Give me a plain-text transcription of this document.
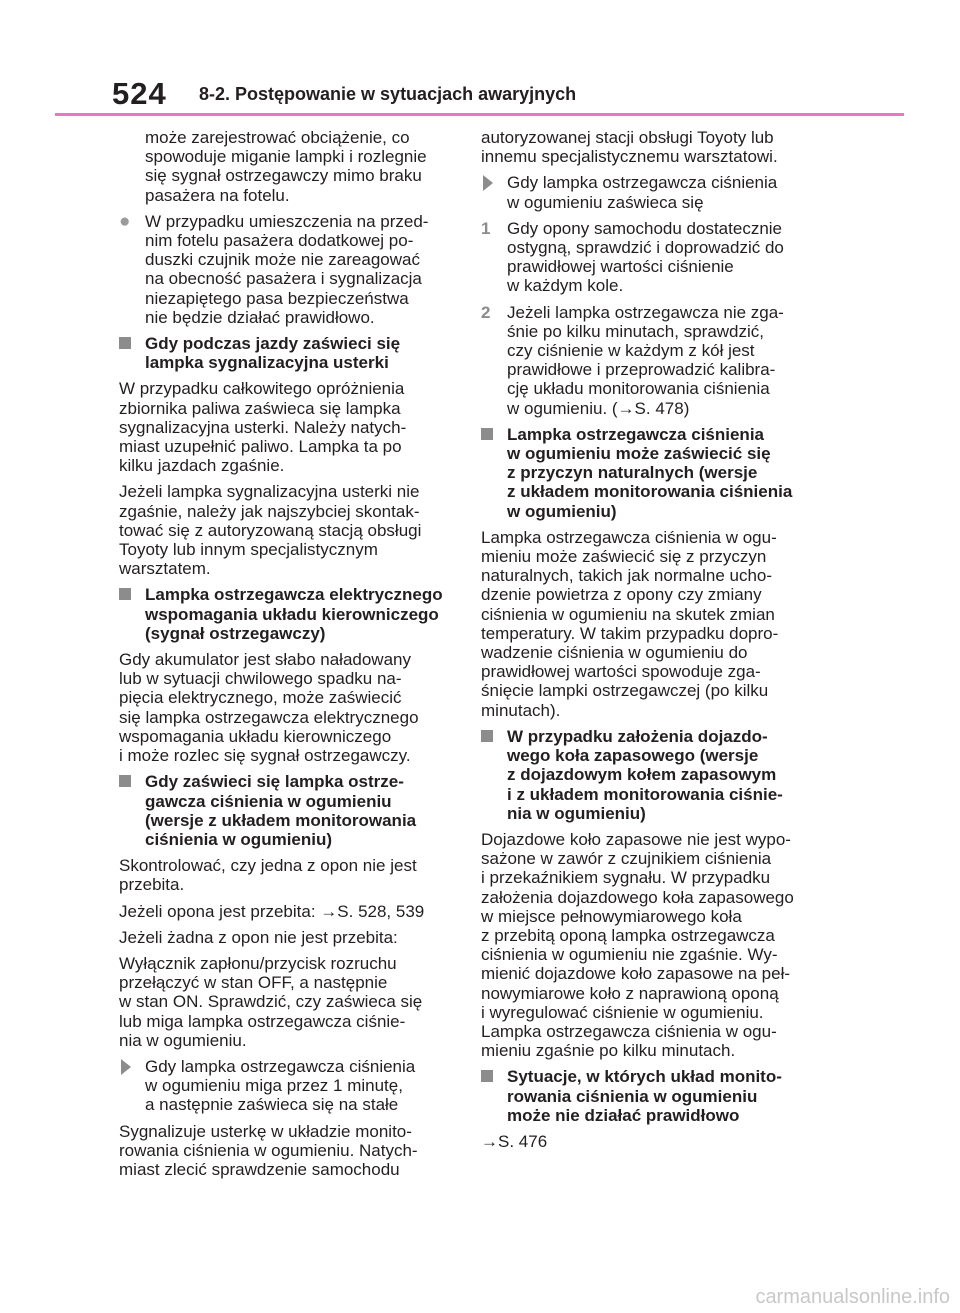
524 8-2. Postępowanie w sytuacjach awaryjnych
może zarejestrować obciążenie, co
spowoduje miganie lampki i rozlegnie
się sygnał ostrzegawczy mimo braku
pasażera na fotelu.
● W przypadku umieszczenia na przed-
nim fotelu pasażera dodatkowej po-
duszki czujnik może nie zareagować
na obecność pasażera i sygnalizacja
niezapiętego pasa bezpieczeństwa
nie będzie działać prawidłowo.
Gdy podczas jazdy zaświeci się
lampka sygnalizacyjna usterki
W przypadku całkowitego opróżnienia
zbiornika paliwa zaświeca się lampka
sygnalizacyjna usterki. Należy natych-
miast uzupełnić paliwo. Lampka ta po
kilku jazdach zgaśnie.
Jeżeli lampka sygnalizacyjna usterki nie
zgaśnie, należy jak najszybciej skontak-
tować się z autoryzowaną stacją obsługi
Toyoty lub innym specjalistycznym
warsztatem.
Lampka ostrzegawcza elektrycznego
wspomagania układu kierowniczego
(sygnał ostrzegawczy)
Gdy akumulator jest słabo naładowany
lub w sytuacji chwilowego spadku na-
pięcia elektrycznego, może zaświecić
się lampka ostrzegawcza elektrycznego
wspomagania układu kierowniczego
i może rozlec się sygnał ostrzegawczy.
Gdy zaświeci się lampka ostrze-
gawcza ciśnienia w ogumieniu
(wersje z układem monitorowania
ciśnienia w ogumieniu)
Skontrolować, czy jedna z opon nie jest
przebita.
Jeżeli opona jest przebita: →S. 528, 539
Jeżeli żadna z opon nie jest przebita:
Wyłącznik zapłonu/przycisk rozruchu
przełączyć w stan OFF, a następnie
w stan ON. Sprawdzić, czy zaświeca się
lub miga lampka ostrzegawcza ciśnie-
nia w ogumieniu.
Gdy lampka ostrzegawcza ciśnienia
w ogumieniu miga przez 1 minutę,
a następnie zaświeca się na stałe
Sygnalizuje usterkę w układzie monito-
rowania ciśnienia w ogumieniu. Natych-
miast zlecić sprawdzenie samochodu
autoryzowanej stacji obsługi Toyoty lub
innemu specjalistycznemu warsztatowi.
Gdy lampka ostrzegawcza ciśnienia
w ogumieniu zaświeca się
1 Gdy opony samochodu dostatecznie
ostygną, sprawdzić i doprowadzić do
prawidłowej wartości ciśnienie
w każdym kole.
2 Jeżeli lampka ostrzegawcza nie zga-
śnie po kilku minutach, sprawdzić,
czy ciśnienie w każdym z kół jest
prawidłowe i przeprowadzić kalibra-
cję układu monitorowania ciśnienia
w ogumieniu. (→S. 478)
Lampka ostrzegawcza ciśnienia
w ogumieniu może zaświecić się
z przyczyn naturalnych (wersje
z układem monitorowania ciśnienia
w ogumieniu)
Lampka ostrzegawcza ciśnienia w ogu-
mieniu może zaświecić się z przyczyn
naturalnych, takich jak normalne ucho-
dzenie powietrza z opony czy zmiany
ciśnienia w ogumieniu na skutek zmian
temperatury. W takim przypadku dopro-
wadzenie ciśnienia w ogumieniu do
prawidłowej wartości spowoduje zga-
śnięcie lampki ostrzegawczej (po kilku
minutach).
W przypadku założenia dojazdo-
wego koła zapasowego (wersje
z dojazdowym kołem zapasowym
i z układem monitorowania ciśnie-
nia w ogumieniu)
Dojazdowe koło zapasowe nie jest wypo-
sażone w zawór z czujnikiem ciśnienia
i przekaźnikiem sygnału. W przypadku
założenia dojazdowego koła zapasowego
w miejsce pełnowymiarowego koła
z przebitą oponą lampka ostrzegawcza
ciśnienia w ogumieniu nie zgaśnie. Wy-
mienić dojazdowe koło zapasowe na peł-
nowymiarowe koło z naprawioną oponą
i wyregulować ciśnienie w ogumieniu.
Lampka ostrzegawcza ciśnienia w ogu-
mieniu zgaśnie po kilku minutach.
Sytuacje, w których układ monito-
rowania ciśnienia w ogumieniu
może nie działać prawidłowo
→S. 476
carmanualsonline.info
